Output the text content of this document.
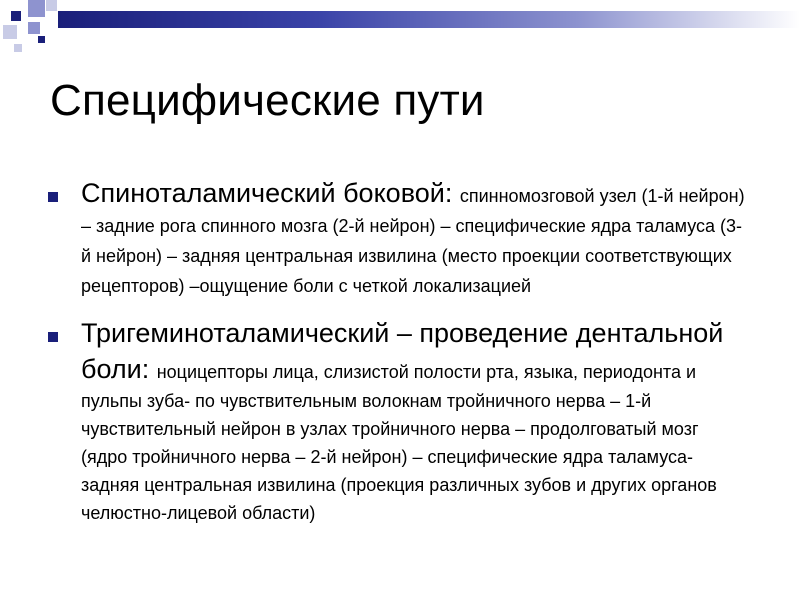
Специфические пути
Спиноталамический боковой: спинномозговой узел (1-й нейрон) – задние рога спинного мозга (2-й нейрон) – специфические ядра таламуса (3-й нейрон) – задняя центральная извилина (место проекции соответствующих рецепторов) –ощущение боли с четкой локализацией
Тригеминоталамический – проведение дентальной боли: ноцицепторы лица, слизистой полости рта, языка, периодонта и пульпы зуба- по чувствительным волокнам тройничного нерва – 1-й чувствительный нейрон в узлах тройничного нерва – продолговатый мозг (ядро тройничного нерва – 2-й нейрон) – специфические ядра таламуса- задняя центральная извилина (проекция различных зубов и других органов челюстно-лицевой области)
